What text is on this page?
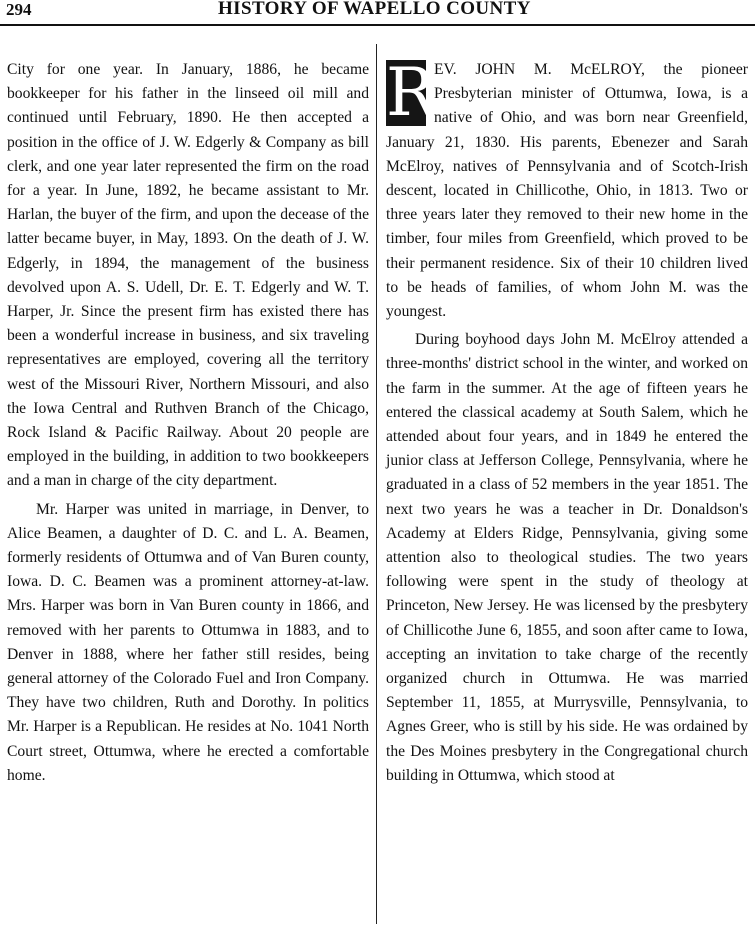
294	HISTORY OF WAPELLO COUNTY

City for one year. In January, 1886, he became bookkeeper for his father in the linseed oil mill and continued until February, 1890. He then accepted a position in the office of J. W. Edgerly & Company as bill clerk, and one year later represented the firm on the road for a year. In June, 1892, he became assistant to Mr. Harlan, the buyer of the firm, and upon the decease of the latter became buyer, in May, 1893. On the death of J. W. Edgerly, in 1894, the management of the business devolved upon A. S. Udell, Dr. E. T. Edgerly and W. T. Harper, Jr. Since the present firm has existed there has been a wonderful increase in business, and six traveling representatives are employed, covering all the territory west of the Missouri River, Northern Missouri, and also the Iowa Central and Ruthven Branch of the Chicago, Rock Island & Pacific Railway. About 20 people are employed in the building, in addition to two bookkeepers and a man in charge of the city department.

Mr. Harper was united in marriage, in Denver, to Alice Beamen, a daughter of D. C. and L. A. Beamen, formerly residents of Ottumwa and of Van Buren county, Iowa. D. C. Beamen was a prominent attorney-at-law. Mrs. Harper was born in Van Buren county in 1866, and removed with her parents to Ottumwa in 1883, and to Denver in 1888, where her father still resides, being general attorney of the Colorado Fuel and Iron Company. They have two children, Ruth and Dorothy. In politics Mr. Harper is a Republican. He resides at No. 1041 North Court street, Ottumwa, where he erected a comfortable home.

R
EV. JOHN M. McELROY, the pioneer Presbyterian minister of Ottumwa, Iowa, is a native of Ohio, and was born near Greenfield, January 21, 1830. His parents, Ebenezer and Sarah McElroy, natives of Pennsylvania and of Scotch-Irish descent, located in Chillicothe, Ohio, in 1813. Two or three years later they removed to their new home in the timber, four miles from Greenfield, which proved to be their permanent residence. Six of their 10 children lived to be heads of families, of whom John M. was the youngest.

During boyhood days John M. McElroy attended a three-months' district school in the winter, and worked on the farm in the summer. At the age of fifteen years he entered the classical academy at South Salem, which he attended about four years, and in 1849 he entered the junior class at Jefferson College, Pennsylvania, where he graduated in a class of 52 members in the year 1851. The next two years he was a teacher in Dr. Donaldson's Academy at Elders Ridge, Pennsylvania, giving some attention also to theological studies. The two years following were spent in the study of theology at Princeton, New Jersey. He was licensed by the presbytery of Chillicothe June 6, 1855, and soon after came to Iowa, accepting an invitation to take charge of the recently organized church in Ottumwa. He was married September 11, 1855, at Murrysville, Pennsylvania, to Agnes Greer, who is still by his side. He was ordained by the Des Moines presbytery in the Congregational church building in Ottumwa, which stood at
